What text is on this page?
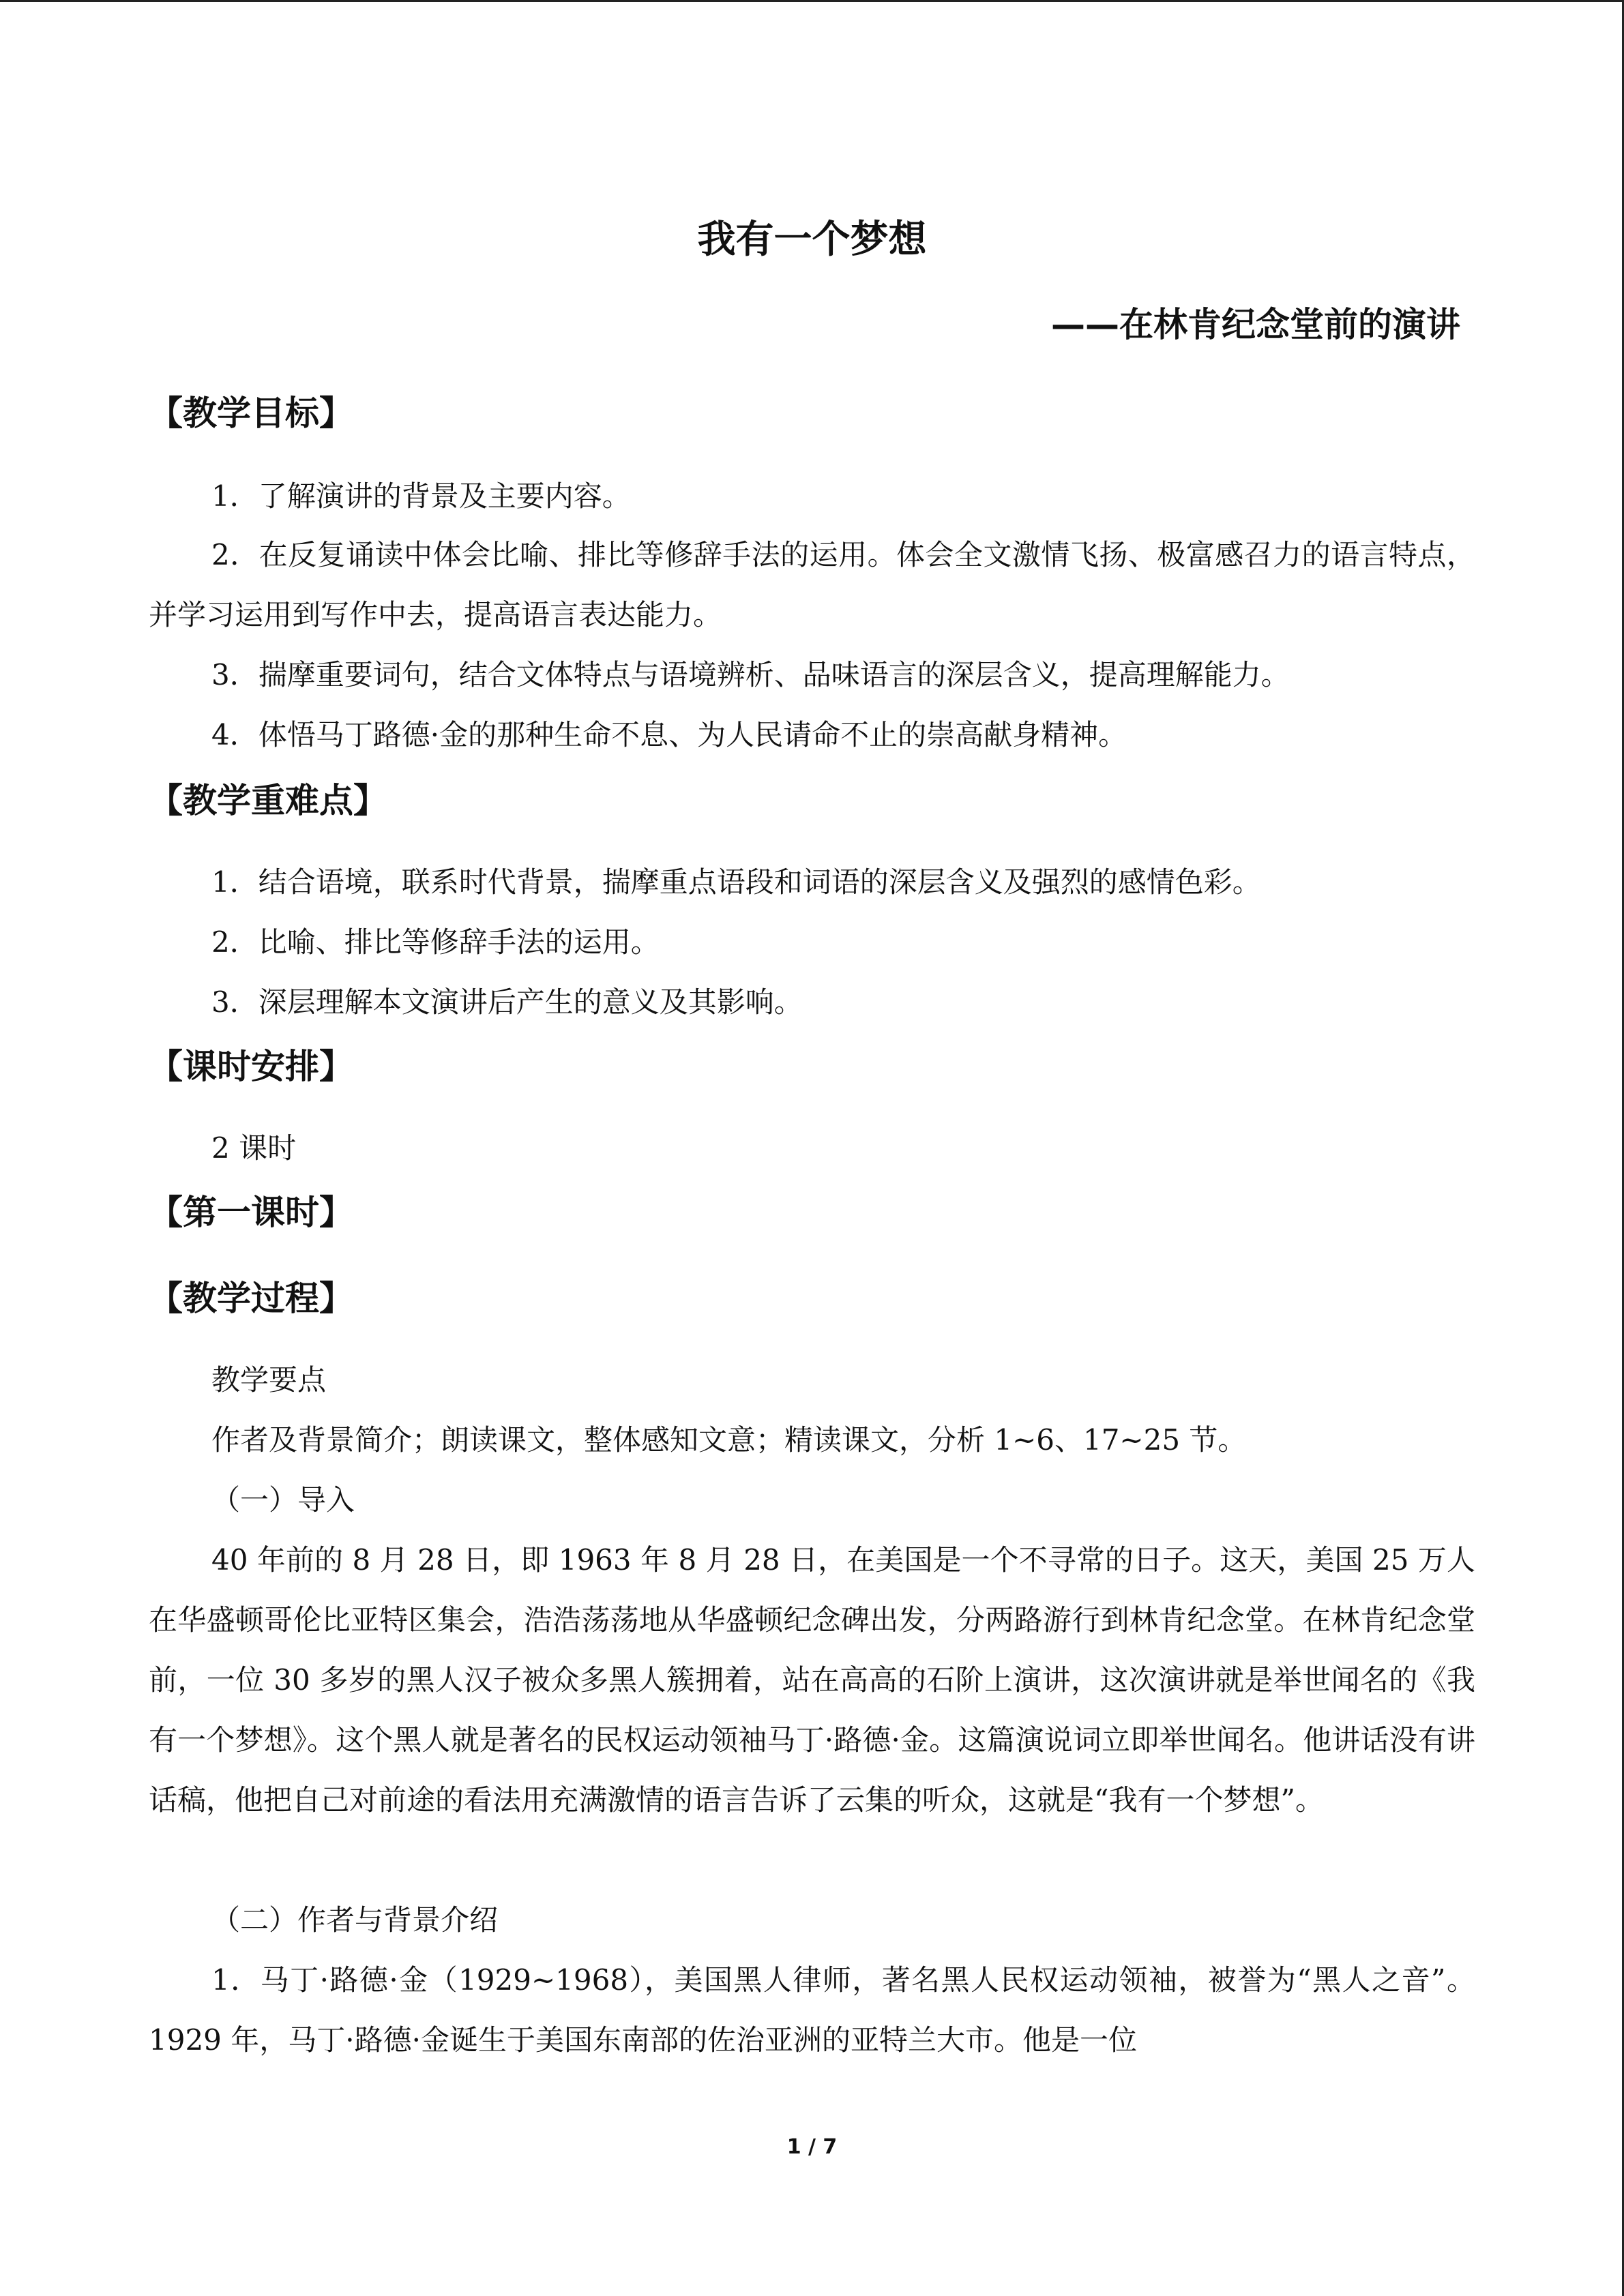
我有一个梦想
——在林肯纪念堂前的演讲
【教学目标】
1．了解演讲的背景及主要内容。

2．在反复诵读中体会比喻、排比等修辞手法的运用。体会全文激情飞扬、极富感召力的语言特点，并学习运用到写作中去，提高语言表达能力。

3．揣摩重要词句，结合文体特点与语境辨析、品味语言的深层含义，提高理解能力。
4．体悟马丁路德·金的那种生命不息、为人民请命不止的崇高献身精神。
【教学重难点】
1．结合语境，联系时代背景，揣摩重点语段和词语的深层含义及强烈的感情色彩。
2．比喻、排比等修辞手法的运用。
3．深层理解本文演讲后产生的意义及其影响。
【课时安排】
2 课时
【第一课时】
【教学过程】
教学要点
作者及背景简介；朗读课文，整体感知文意；精读课文，分析 1~6、17~25 节。
（一）导入

40 年前的 8 月 28 日，即 1963 年 8 月 28 日，在美国是一个不寻常的日子。这天，美国 25 万人在华盛顿哥伦比亚特区集会，浩浩荡荡地从华盛顿纪念碑出发，分两路游行到林肯纪念堂。在林肯纪念堂前，一位 30 多岁的黑人汉子被众多黑人簇拥着，站在高高的石阶上演讲，这次演讲就是举世闻名的《我有一个梦想》。这个黑人就是著名的民权运动领袖马丁·路德·金。这篇演说词立即举世闻名。他讲话没有讲话稿，他把自己对前途的看法用充满激情的语言告诉了云集的听众，这就是“我有一个梦想”。

（二）作者与背景介绍

1．马丁·路德·金（1929~1968），美国黑人律师，著名黑人民权运动领袖，被誉为“黑人之音”。1929 年，马丁·路德·金诞生于美国东南部的佐治亚洲的亚特兰大市。他是一位

1 / 7
